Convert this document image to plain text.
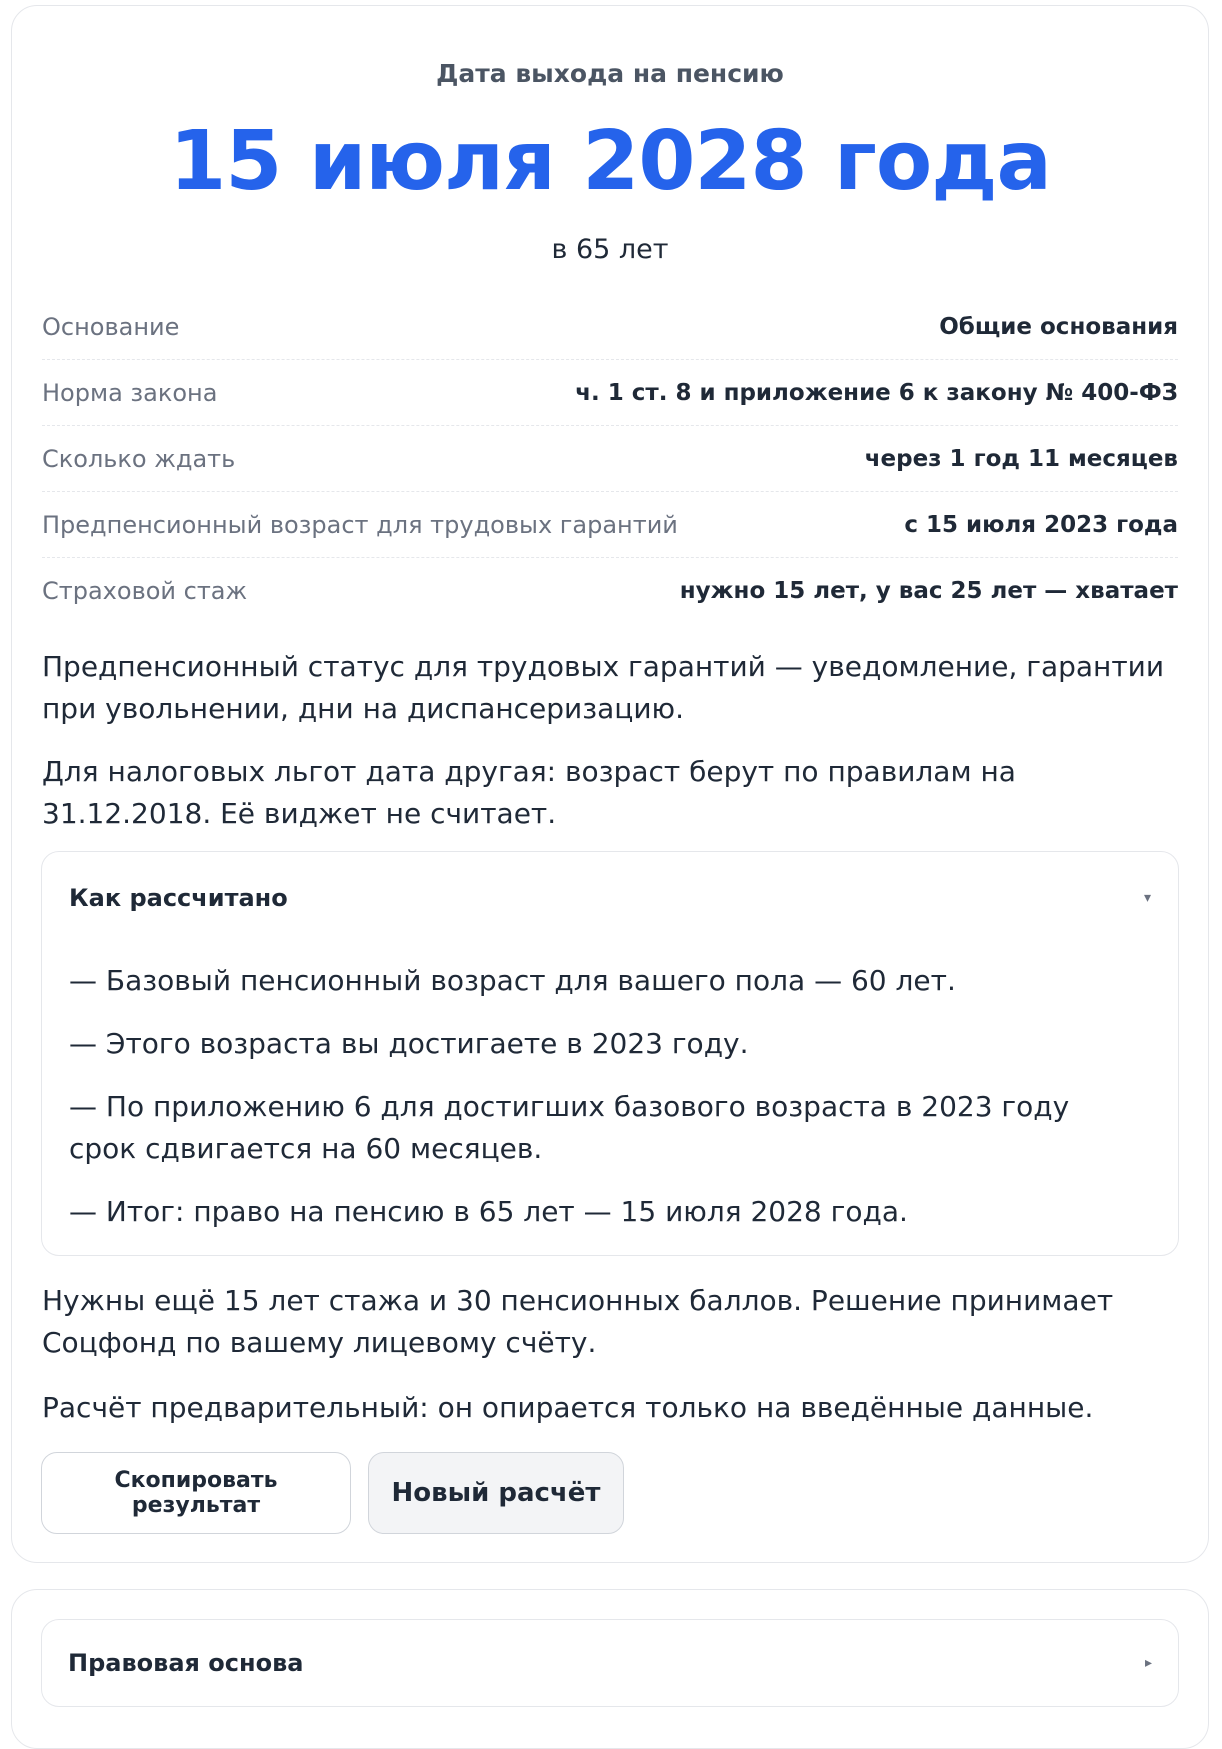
Дата выхода на пенсию
15 июля 2028 года
в 65 лет
Основание	Общие основания
Норма закона	ч. 1 ст. 8 и приложение 6 к закону № 400-ФЗ
Сколько ждать	через 1 год 11 месяцев
Предпенсионный возраст для трудовых гарантий	с 15 июля 2023 года
Страховой стаж	нужно 15 лет, у вас 25 лет — хватает

Предпенсионный статус для трудовых гарантий — уведомление, гарантии при увольнении, дни на диспансеризацию.

Для налоговых льгот дата другая: возраст берут по правилам на 31.12.2018. Её виджет не считает.

Как рассчитано	▾
— Базовый пенсионный возраст для вашего пола — 60 лет.
— Этого возраста вы достигаете в 2023 году.
— По приложению 6 для достигших базового возраста в 2023 году срок сдвигается на 60 месяцев.
— Итог: право на пенсию в 65 лет — 15 июля 2028 года.

Нужны ещё 15 лет стажа и 30 пенсионных баллов. Решение принимает Соцфонд по вашему лицевому счёту.

Расчёт предварительный: он опирается только на введённые данные.

Скопировать результат	Новый расчёт
Правовая основа	▸
